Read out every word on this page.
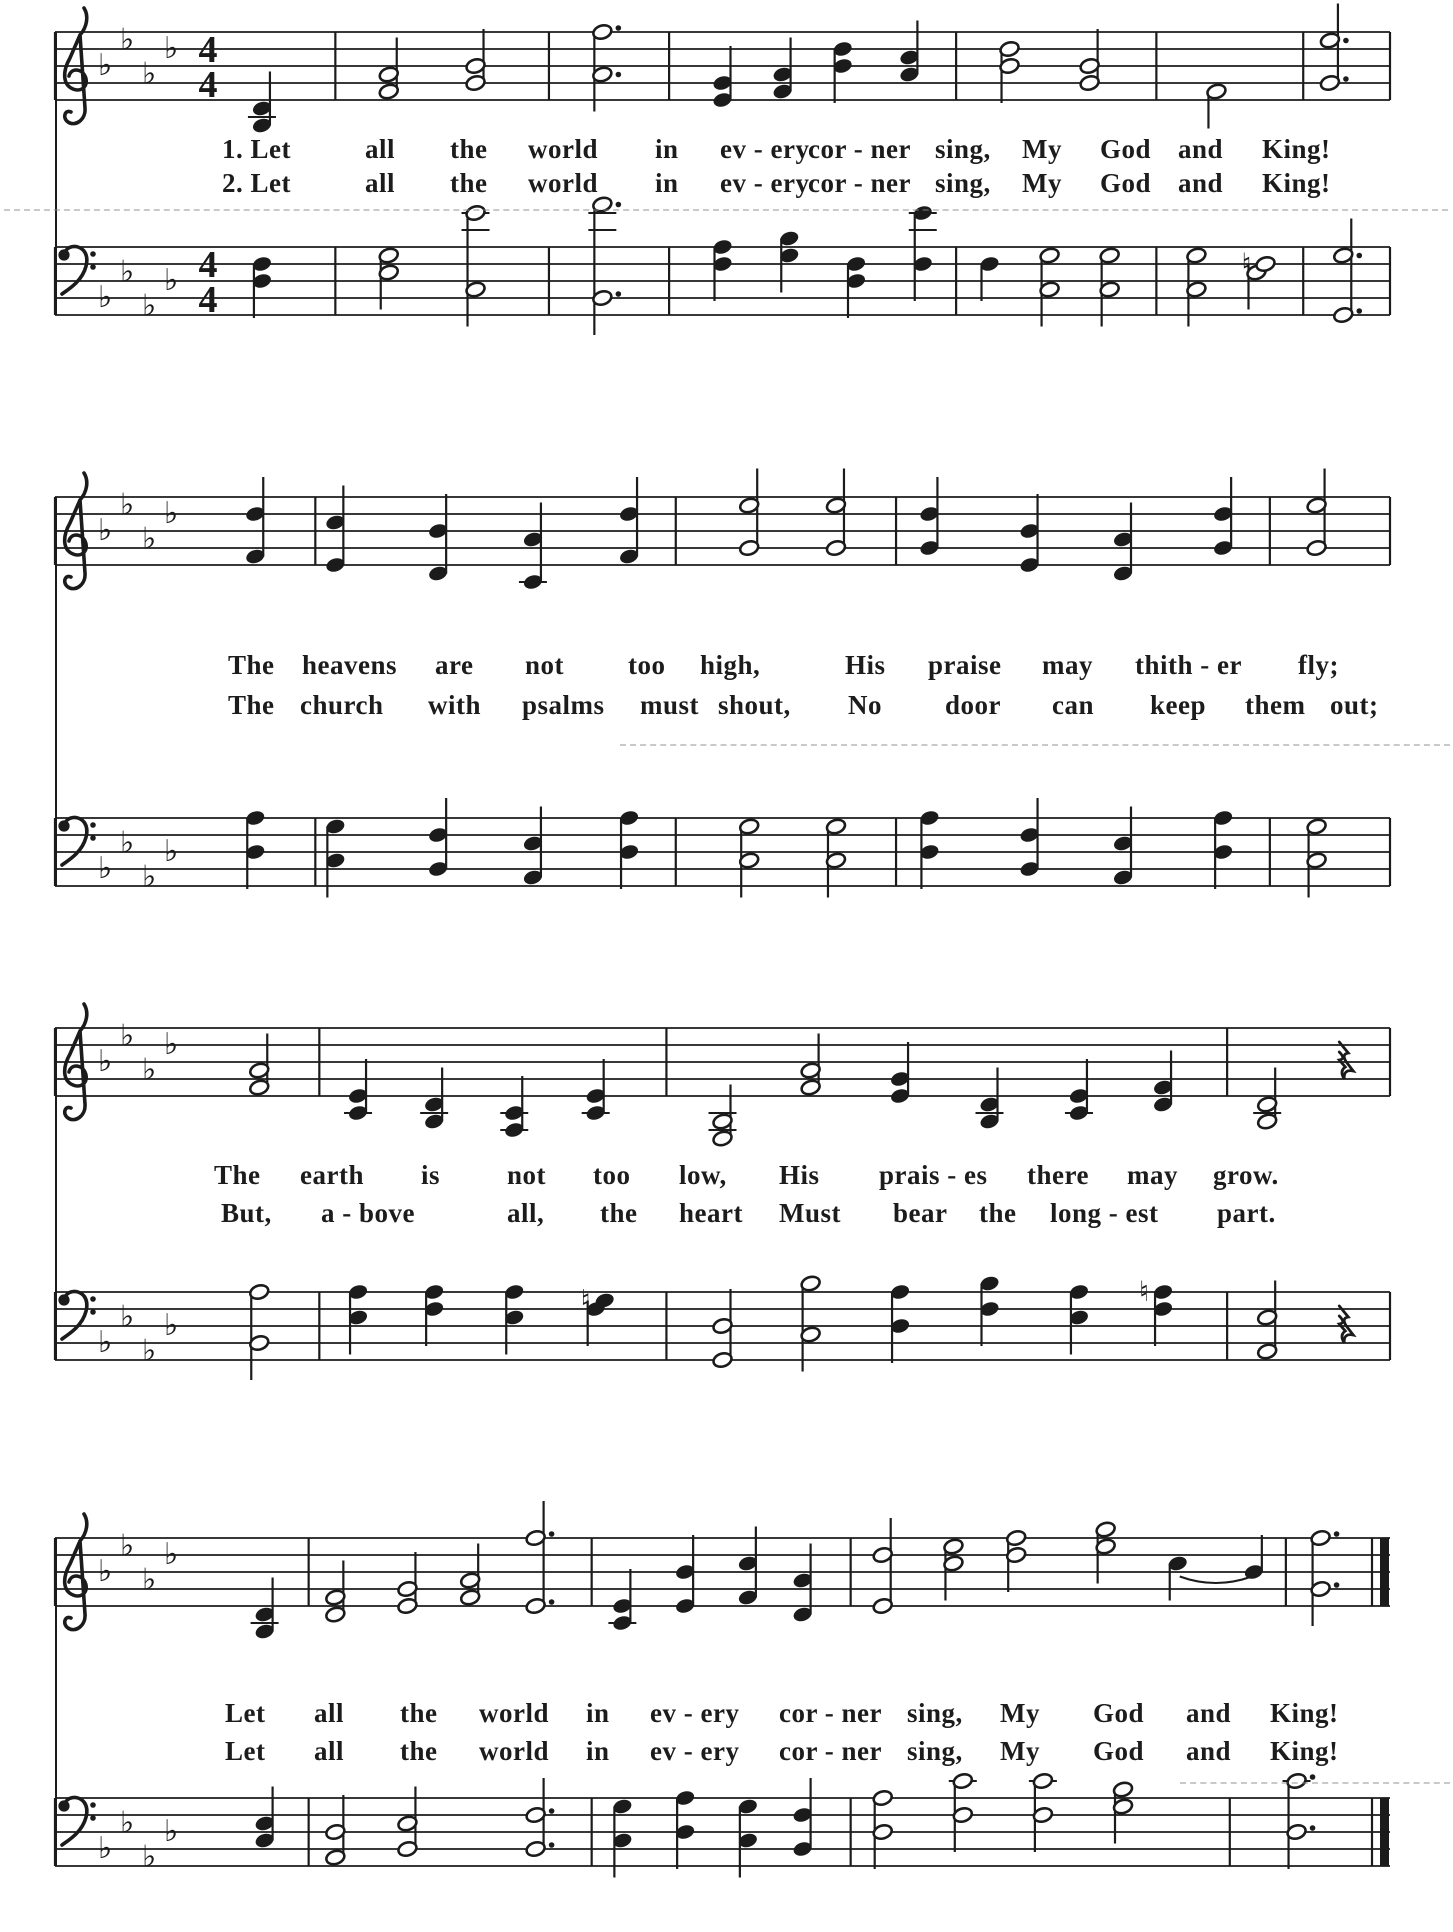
♭
♭
♭
♭ 4
4
♭
♭
♭
♭ 4
4
♮
♭
♭
♭
♭
♭
♭
♭
♭
♭
♭
♭
♭
♭
♭
♭
♭
♮	♮
♭
♭
♭
♭
♭
♭
♭
♭
1. Let	all the world in ev - ery
cor - ner sing, My God and King!
2. Let	all the world in ev - ery
cor - ner sing, My God and King!
The heavens are not too high,	His praise may thith - er fly;
The church with psalms must shout, No door can keep them out;
The earth is not too low, His prais - es there may grow.
But, a - bove	all, the heart Must bear the long - est part.
Let all the world in ev - ery cor - ner sing, My God and King!
Let all the world in ev - ery cor - ner sing, My God and King!
